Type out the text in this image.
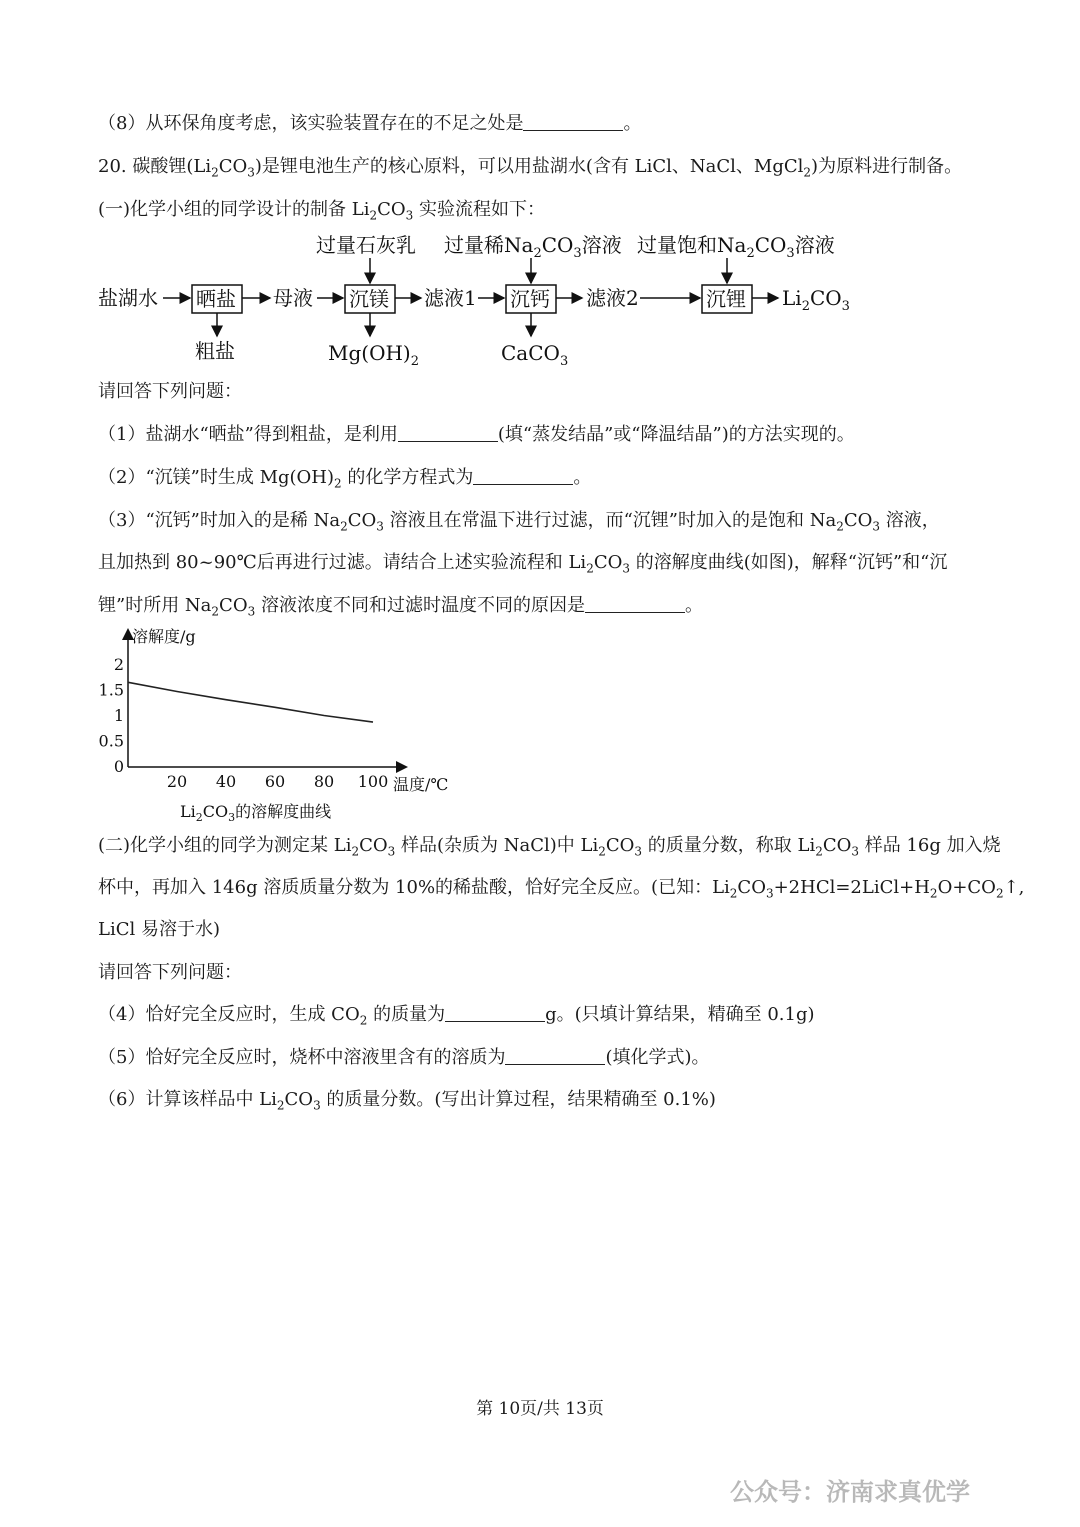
（8）从环保角度考虑，该实验装置存在的不足之处是	。
20. 碳酸锂$(Li_2CO_3)$是锂电池生产的核心原料，可以用盐湖水(含有 LiCl、NaCl、MgCl$_2$)为原料进行制备。
(一)化学小组的同学设计的制备 $Li_2CO_3$ 实验流程如下：
盐湖水 晒盐
粗盐
母液
过量石灰乳
沉镁
$Mg(OH)_2$
滤液1
过量稀$Na_2CO_3$溶液
沉钙
CaCO$_3$
滤液2
过量饱和$Na_2CO_3$溶液
沉锂 $Li_2CO_3$
请回答下列问题：
（1）盐湖水“晒盐”得到粗盐，是利用	(填“蒸发结晶”或“降温结晶”)的方法实现的。
（2）“沉镁”时生成 $Mg(OH)_2$ 的化学方程式为	。
（3）“沉钙”时加入的是稀 $Na_2CO_3$ 溶液且在常温下进行过滤，而“沉锂”时加入的是饱和 $Na_2CO_3$ 溶液，
且加热到 80~90℃后再进行过滤。请结合上述实验流程和 $Li_2CO_3$ 的溶解度曲线(如图)，解释“沉钙”和“沉
锂”时所用 $Na_2CO_3$ 溶液浓度不同和过滤时温度不同的原因是	。
溶解度/g
温度/℃
20 40 60 80 100
0
0.5
1
1.5
2
$Li_2CO_3$的溶解度曲线
(二)化学小组的同学为测定某 $Li_2CO_3$ 样品(杂质为 NaCl)中 $Li_2CO_3$ 的质量分数，称取 $Li_2CO_3$ 样品 16g 加入烧
杯中，再加入 146g 溶质质量分数为 10%的稀盐酸，恰好完全反应。(已知：$Li_2CO_3+2HCl=2LiCl+H_2O+CO_2↑$,
LiCl 易溶于水)
请回答下列问题：
（4）恰好完全反应时，生成 $CO_2$ 的质量为	g。(只填计算结果，精确至 0.1g)
（5）恰好完全反应时，烧杯中溶液里含有的溶质为	(填化学式)。
（6）计算该样品中 $Li_2CO_3$ 的质量分数。(写出计算过程，结果精确至 0.1%)
第 10页/共 13页
公众号：济南求真优学
